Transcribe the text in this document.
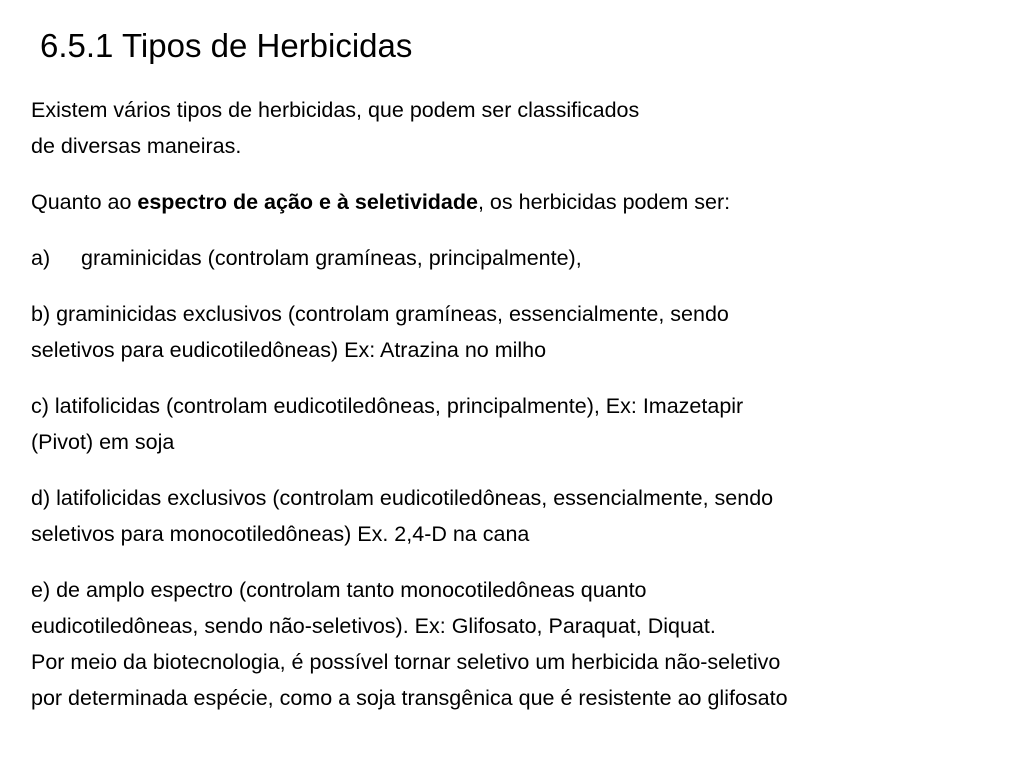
6.5.1 Tipos de Herbicidas

Existem vários tipos de herbicidas, que podem ser classificados
de diversas maneiras.

Quanto ao espectro de ação e à seletividade, os herbicidas podem ser:

a) graminicidas (controlam gramíneas, principalmente),

b) graminicidas exclusivos (controlam gramíneas, essencialmente, sendo
seletivos para eudicotiledôneas) Ex: Atrazina no milho

c) latifolicidas (controlam eudicotiledôneas, principalmente), Ex: Imazetapir
(Pivot) em soja

d) latifolicidas exclusivos (controlam eudicotiledôneas, essencialmente, sendo
seletivos para monocotiledôneas) Ex. 2,4-D na cana

e) de amplo espectro (controlam tanto monocotiledôneas quanto
eudicotiledôneas, sendo não-seletivos). Ex: Glifosato, Paraquat, Diquat.
Por meio da biotecnologia, é possível tornar seletivo um herbicida não-seletivo
por determinada espécie, como a soja transgênica que é resistente ao glifosato
